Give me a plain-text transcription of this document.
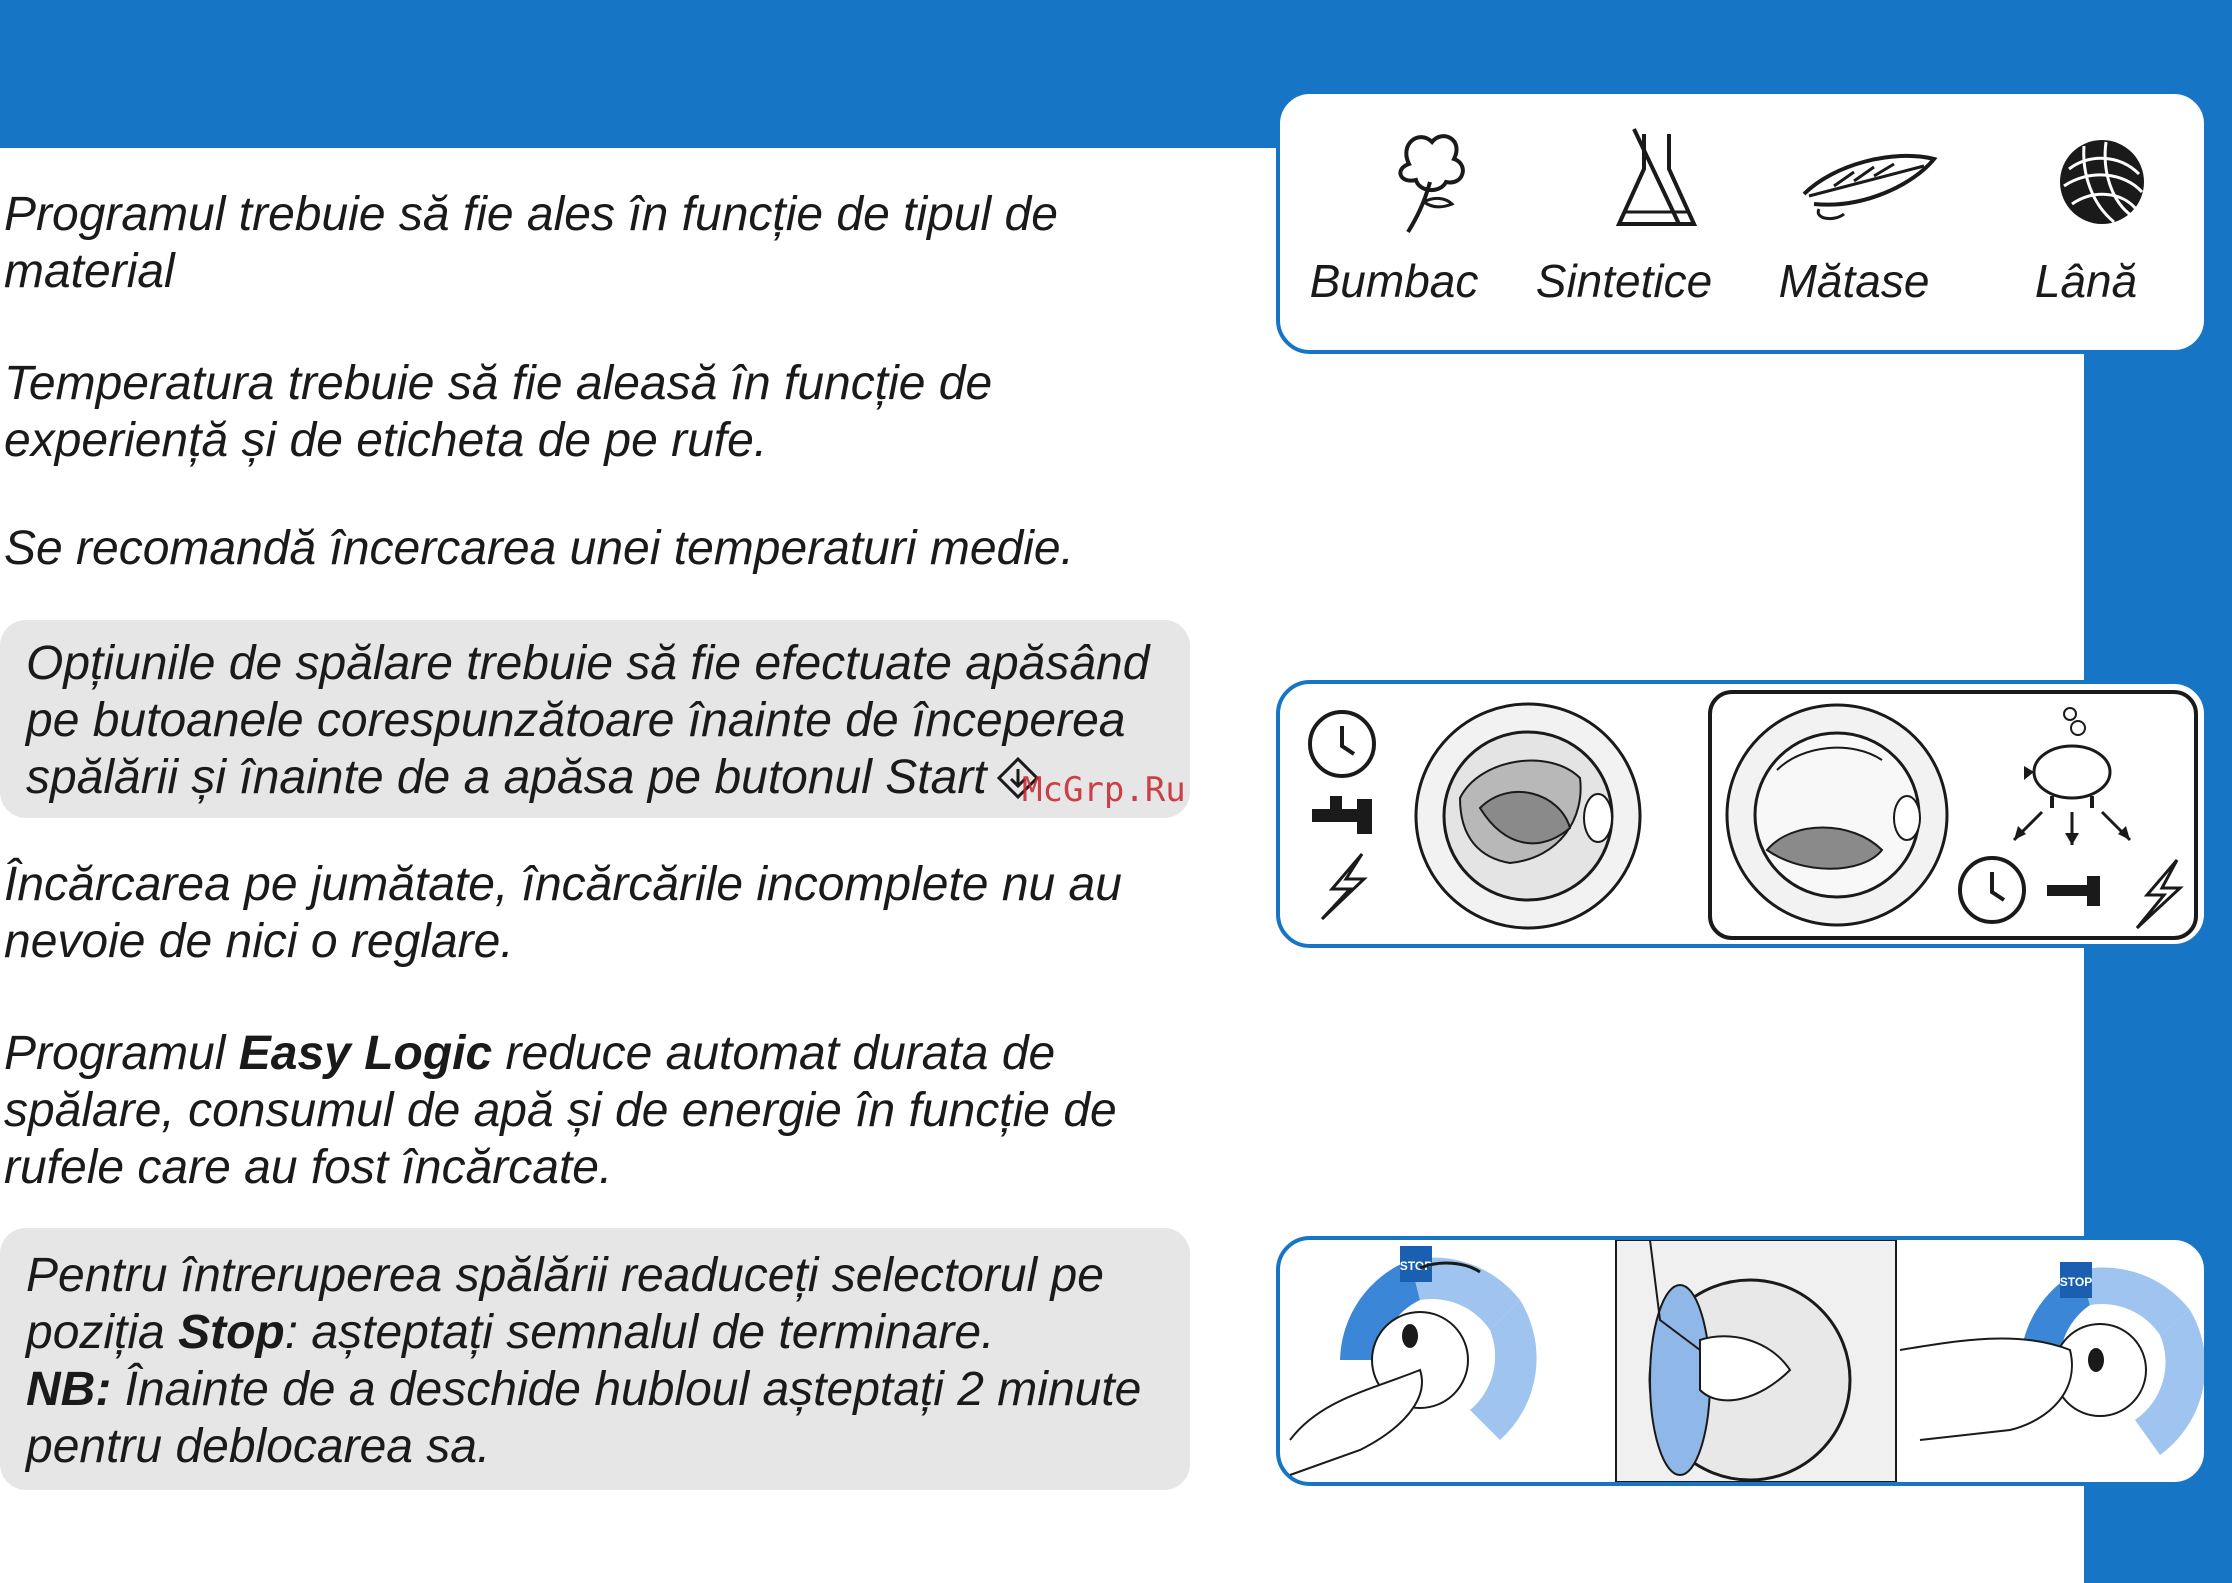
Programul trebuie să fie ales în funcție de tipul de
material

Temperatura trebuie să fie aleasă în funcție de
experiență și de eticheta de pe rufe.

Se recomandă încercarea unei temperaturi medie.

Opțiunile de spălare trebuie să fie efectuate apăsând
pe butoanele corespunzătoare înainte de începerea
spălării și înainte de a apăsa pe butonul Start

Încărcarea pe jumătate, încărcările incomplete nu au
nevoie de nici o reglare.

Programul Easy Logic reduce automat durata de
spălare, consumul de apă și de energie în funcție de
rufele care au fost încărcate.

Pentru întreruperea spălării readuceți selectorul pe
poziția Stop: așteptați semnalul de terminare.
NB: Înainte de a deschide hubloul așteptați 2 minute
pentru deblocarea sa.

McGrp.Ru
Bumbac	Sintetice	Mătase	Lână
STOP
STOP
